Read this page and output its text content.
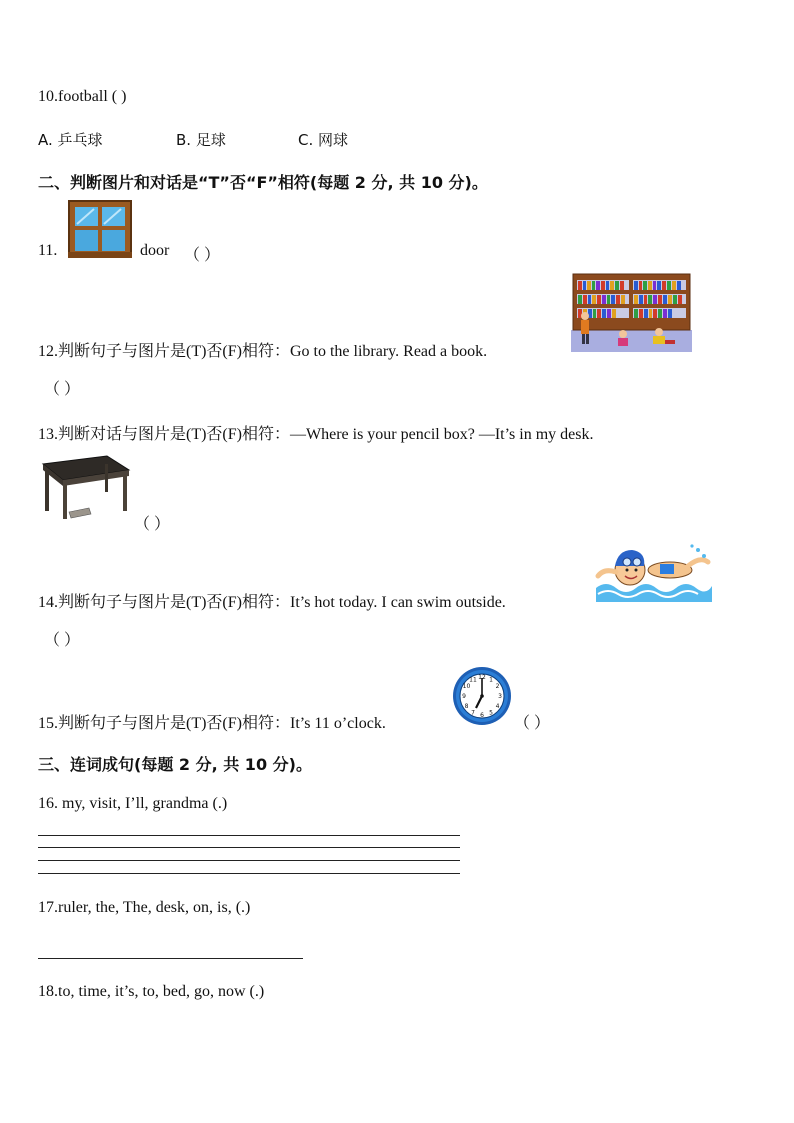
10.football ( )
A. 乒乓球	B. 足球	C. 网球
二、判断图片和对话是“T”否“F”相符(每题 2 分, 共 10 分)。
11.	door （ ）
12.判断句子与图片是(T)否(F)相符：Go to the library. Read a book.
（ ）
13.判断对话与图片是(T)否(F)相符：—Where is your pencil box? —It’s in my desk.
（ ）
14.判断句子与图片是(T)否(F)相符：It’s hot today. I can swim outside.
（ ）
15.判断句子与图片是(T)否(F)相符：It’s 11 o’clock.
12 1
2
3
4
5
6
7
8
9
10
11
（ ）
三、连词成句(每题 2 分, 共 10 分)。
16. my, visit, I’ll, grandma (.)
17.ruler, the, The, desk, on, is, (.)
18.to, time, it’s, to, bed, go, now (.)
